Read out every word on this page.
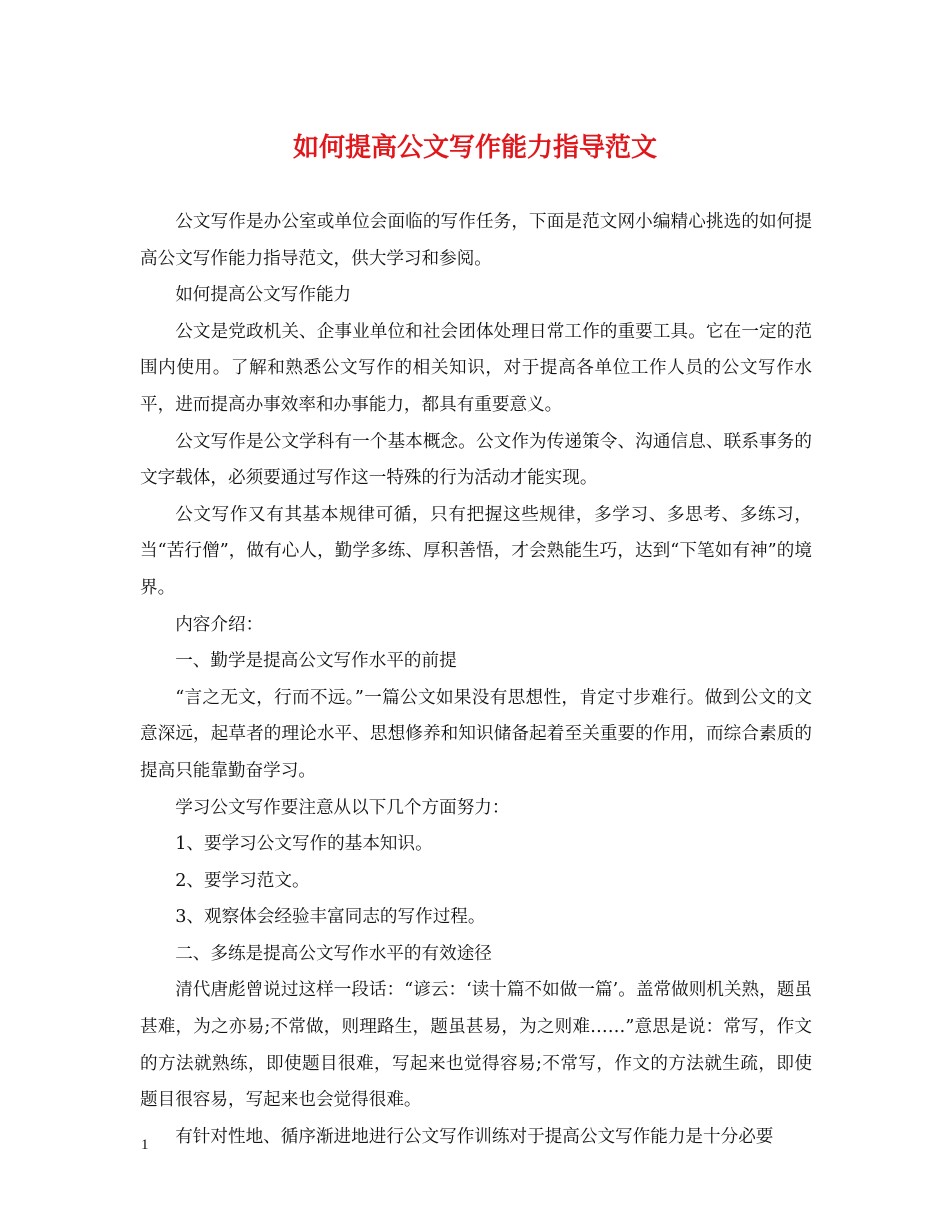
如何提高公文写作能力指导范文

公文写作是办公室或单位会面临的写作任务，下面是范文网小编精心挑选的如何提高公文写作能力指导范文，供大学习和参阅。

如何提高公文写作能力

公文是党政机关、企事业单位和社会团体处理日常工作的重要工具。它在一定的范围内使用。了解和熟悉公文写作的相关知识，对于提高各单位工作人员的公文写作水平，进而提高办事效率和办事能力，都具有重要意义。

公文写作是公文学科有一个基本概念。公文作为传递策令、沟通信息、联系事务的文字载体，必须要通过写作这一特殊的行为活动才能实现。

公文写作又有其基本规律可循，只有把握这些规律，多学习、多思考、多练习，当“苦行僧”，做有心人，勤学多练、厚积善悟，才会熟能生巧，达到“下笔如有神”的境界。

内容介绍：

一、勤学是提高公文写作水平的前提

“言之无文，行而不远。”一篇公文如果没有思想性，肯定寸步难行。做到公文的文意深远，起草者的理论水平、思想修养和知识储备起着至关重要的作用，而综合素质的提高只能靠勤奋学习。

学习公文写作要注意从以下几个方面努力：

1、要学习公文写作的基本知识。

2、要学习范文。

3、观察体会经验丰富同志的写作过程。

二、多练是提高公文写作水平的有效途径

清代唐彪曾说过这样一段话：“谚云：‘读十篇不如做一篇’。盖常做则机关熟，题虽甚难，为之亦易;不常做，则理路生，题虽甚易，为之则难……”意思是说：常写，作文的方法就熟练，即使题目很难，写起来也觉得容易;不常写，作文的方法就生疏，即使题目很容易，写起来也会觉得很难。

有针对性地、循序渐进地进行公文写作训练对于提高公文写作能力是十分必要

1
